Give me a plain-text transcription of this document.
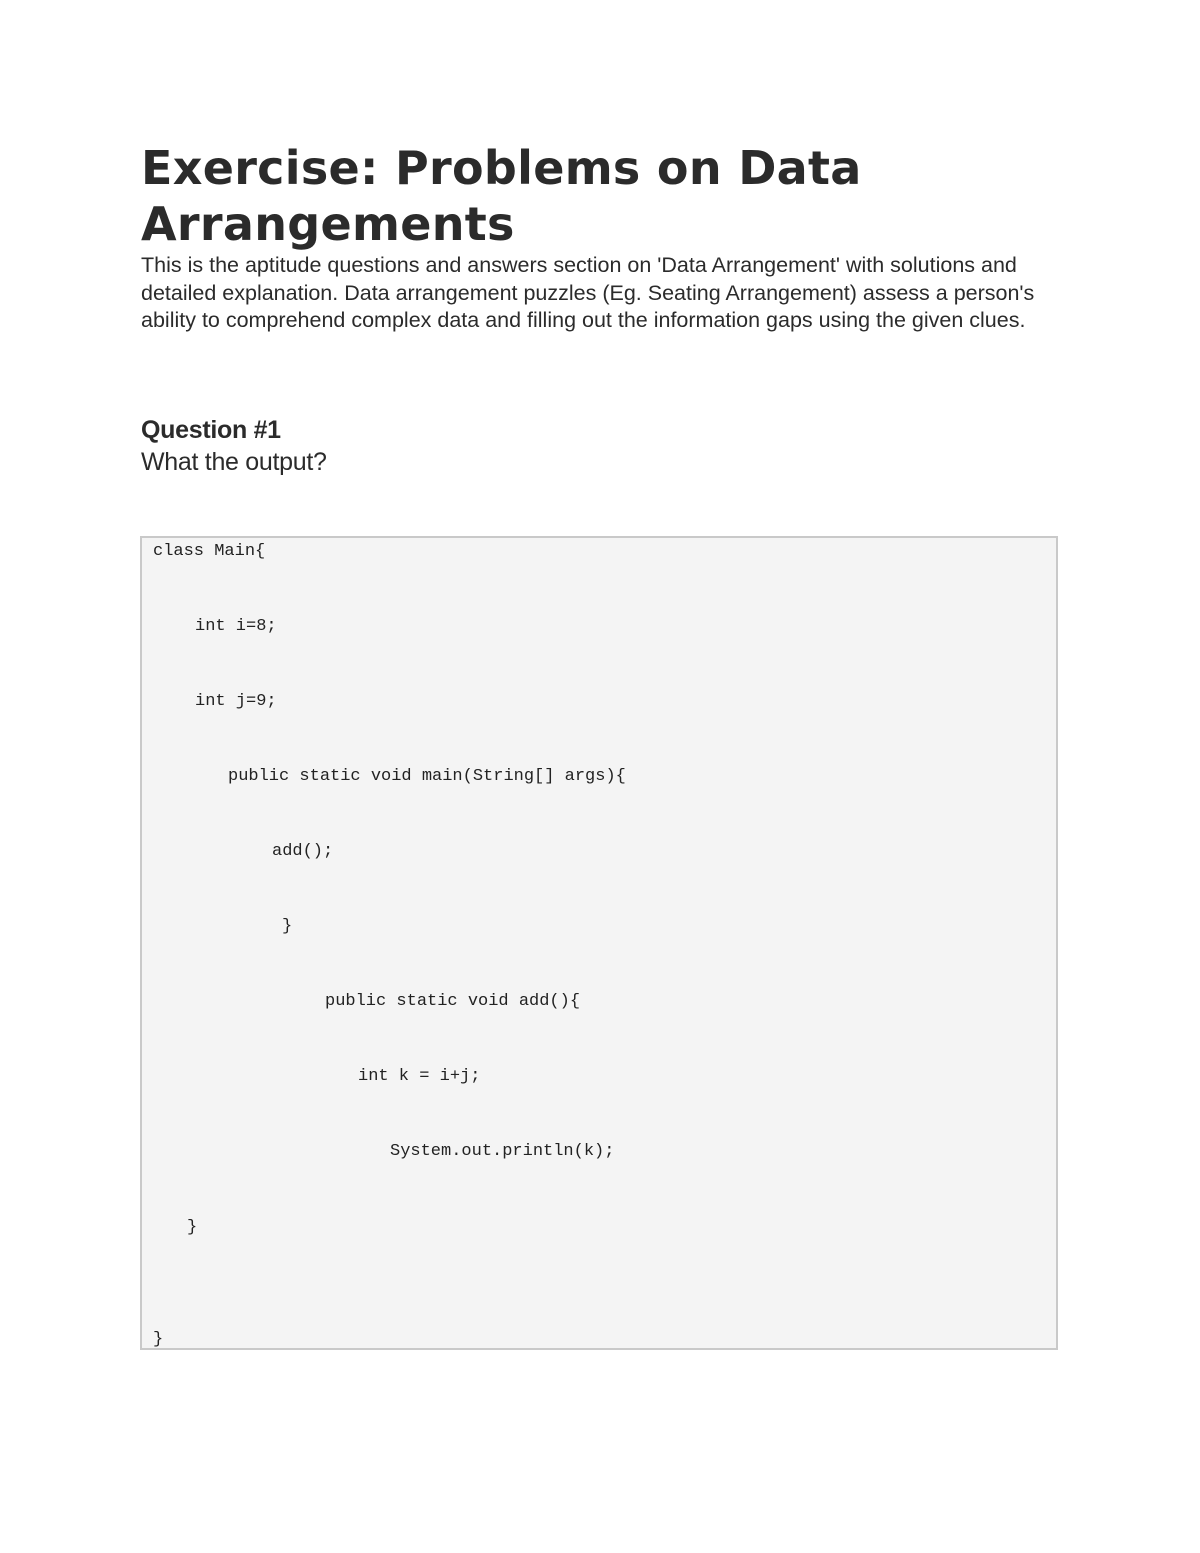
Exercise: Problems on Data Arrangements

This is the aptitude questions and answers section on 'Data Arrangement' with solutions and detailed explanation. Data arrangement puzzles (Eg. Seating Arrangement) assess a person's ability to comprehend complex data and filling out the information gaps using the given clues.

Question #1

What the output?

class Main{
int i=8;
int j=9;
public static void main(String[] args){
add();
}
public static void add(){
int k = i+j;
System.out.println(k);
}
}
